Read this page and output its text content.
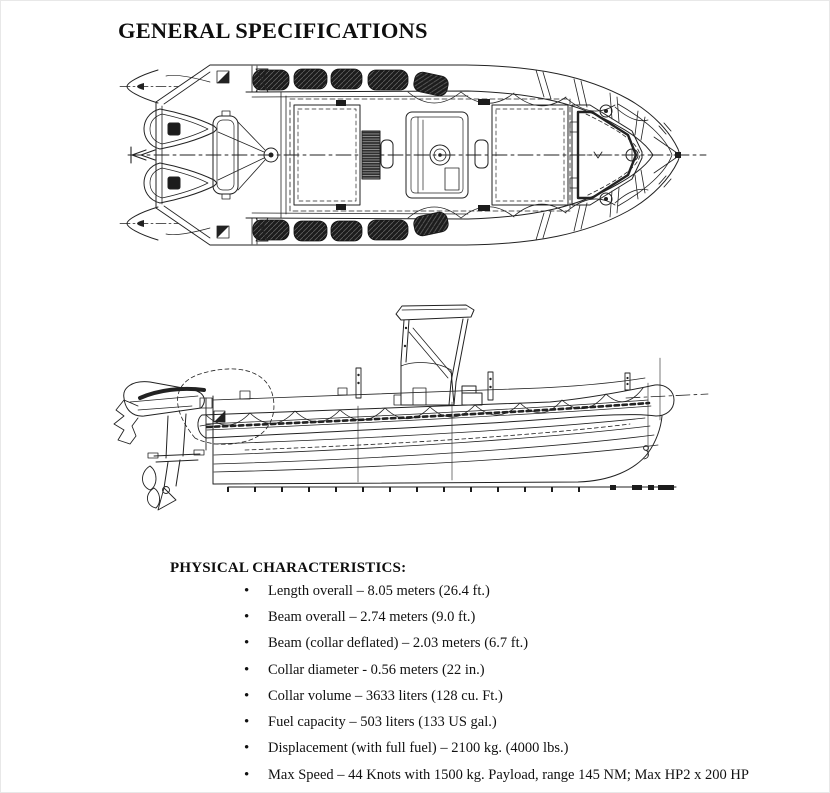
GENERAL SPECIFICATIONS
PHYSICAL CHARACTERISTICS:
•	Length overall – 8.05 meters (26.4 ft.)
•	Beam overall – 2.74 meters (9.0 ft.)
•	Beam (collar deflated) – 2.03 meters (6.7 ft.)
•	Collar diameter - 0.56 meters (22 in.)
•	Collar volume – 3633 liters (128 cu. Ft.)
•	Fuel capacity – 503 liters (133 US gal.)
•	Displacement (with full fuel) – 2100 kg. (4000 lbs.)
•	Max Speed – 44 Knots with 1500 kg. Payload, range 145 NM; Max HP2 x 200 HP
